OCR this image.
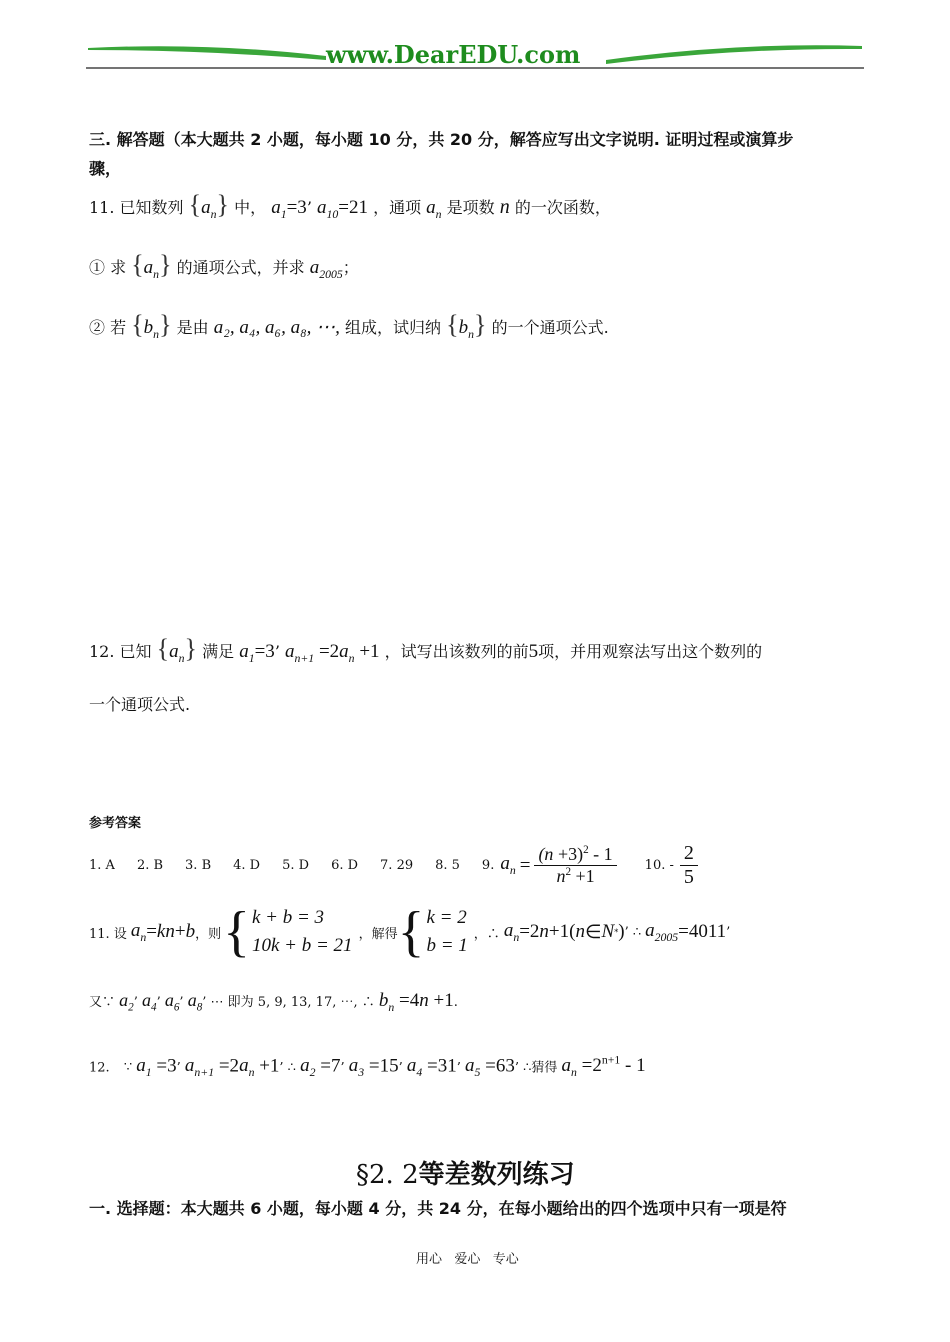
www.DearEDU.com
三. 解答题（本大题共 2 小题，每小题 10 分，共 20 分，解答应写出文字说明. 证明过程或演算步
骤，
11. 已知数列 $\{a_n\}$ 中， $a_1=3$’ $a_{10}=21$ ，通项 $a_n$ 是项数 n 的一次函数，
① 求 $\{a_n\}$ 的通项公式，并求 $a_{2005}$；
② 若 $\{b_n\}$ 是由 a₂, a₄, a₆, a₈, ⋯, 组成，试归纳 $\{b_n\}$ 的一个通项公式.
12. 已知 $\{a_n\}$ 满足 $a_1=3$’ $a_{n+1} =2a_n +1$ ，试写出该数列的前5项，并用观察法写出这个数列的
一个通项公式.
参考答案
1. A 2. B 3. B 4. D 5. D 6. D 7. 29 8. 5 9. $a_n = \frac{(n +3)^2 - 1}{n^2 +1} 10$. - $\frac{2}{5}$
11. 设 $a_n$ = kn + b ，则 { k + b = 3
10k + b = 21
，解得 { k = 2
b = 1
，∴ $a_n =2$ n +1( n ∈ N * ) ’ ∴ $a_{2005} =4011$ ’
又∵ $a_2$’ $a_4$’ $a_6$’ $a_8$’ ⋯ 即为 5, 9, 13, 17, ⋯, ∴ $b_n =4n +1$.
12. ∵ $a_1 =3$’ $a_{n+1} =2a_n +1$’ ∴ $a_2 =7$’ $a_3 =15$’ $a_4 =31$’ $a_5 =63$’ ∴猜得 $a_n =2^{n+1} - 1$
§2. 2等差数列练习
一. 选择题：本大题共 6 小题，每小题 4 分，共 24 分，在每小题给出的四个选项中只有一项是符
用心   爱心   专心
